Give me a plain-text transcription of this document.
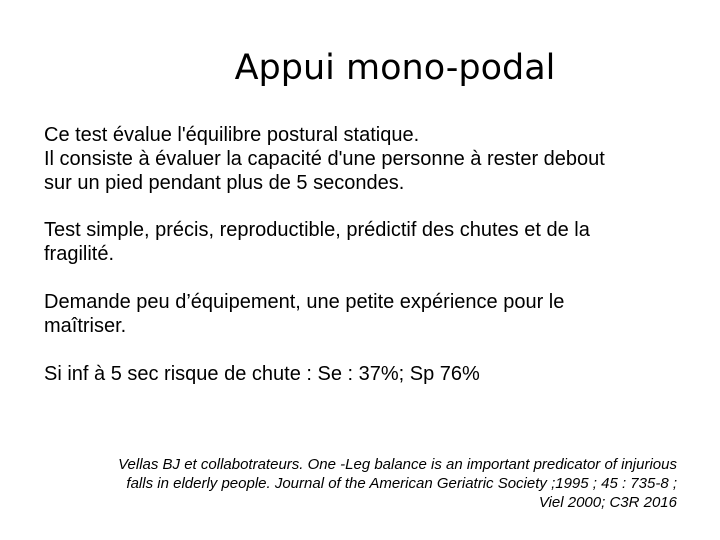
Appui mono-podal

Ce test évalue l'équilibre postural statique.
Il consiste à évaluer la capacité d'une personne à rester debout
sur un pied pendant plus de 5 secondes.

Test simple, précis, reproductible, prédictif des chutes et de la
fragilité.

Demande peu d’équipement, une petite expérience pour le
maîtriser.

Si inf à 5 sec risque de chute : Se : 37%; Sp 76%

Vellas BJ et collabotrateurs. One -Leg balance is an important predicator of injurious
falls in elderly people. Journal of the American Geriatric Society ;1995 ; 45 : 735-8 ;
Viel 2000; C3R 2016
